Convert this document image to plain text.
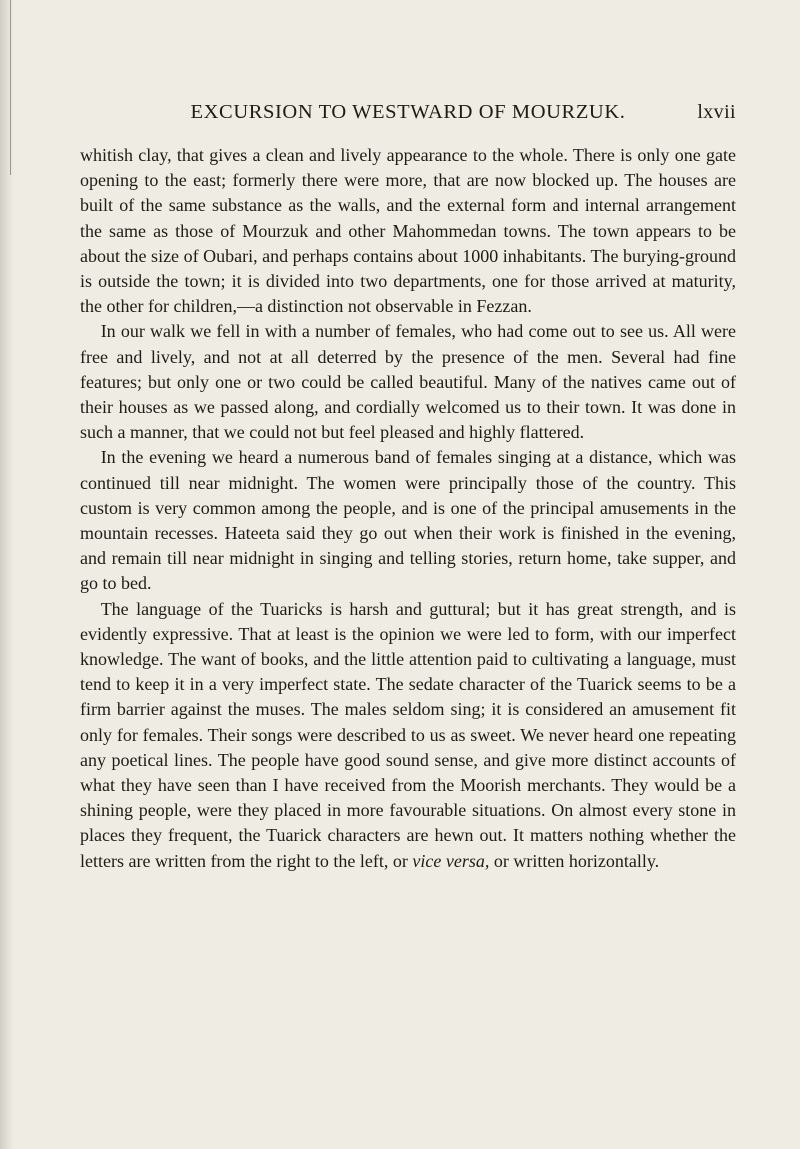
EXCURSION TO WESTWARD OF MOURZUK.	lxvii

whitish clay, that gives a clean and lively appearance to the whole. There is only one gate opening to the east; formerly there were more, that are now blocked up. The houses are built of the same substance as the walls, and the external form and internal arrangement the same as those of Mourzuk and other Mahommedan towns. The town appears to be about the size of Oubari, and perhaps contains about 1000 inhabitants. The burying-ground is outside the town; it is divided into two departments, one for those arrived at maturity, the other for children,—a distinction not observable in Fezzan.

In our walk we fell in with a number of females, who had come out to see us. All were free and lively, and not at all deterred by the presence of the men. Several had fine features; but only one or two could be called beautiful. Many of the natives came out of their houses as we passed along, and cordially welcomed us to their town. It was done in such a manner, that we could not but feel pleased and highly flattered.

In the evening we heard a numerous band of females singing at a distance, which was continued till near midnight. The women were principally those of the country. This custom is very common among the people, and is one of the principal amusements in the mountain recesses. Hateeta said they go out when their work is finished in the evening, and remain till near midnight in singing and telling stories, return home, take supper, and go to bed.

The language of the Tuaricks is harsh and guttural; but it has great strength, and is evidently expressive. That at least is the opinion we were led to form, with our imperfect knowledge. The want of books, and the little attention paid to cultivating a language, must tend to keep it in a very imperfect state. The sedate character of the Tuarick seems to be a firm barrier against the muses. The males seldom sing; it is considered an amusement fit only for females. Their songs were described to us as sweet. We never heard one repeating any poetical lines. The people have good sound sense, and give more distinct accounts of what they have seen than I have received from the Moorish merchants. They would be a shining people, were they placed in more favourable situations. On almost every stone in places they frequent, the Tuarick characters are hewn out. It matters nothing whether the letters are written from the right to the left, or vice versa, or written horizontally.
